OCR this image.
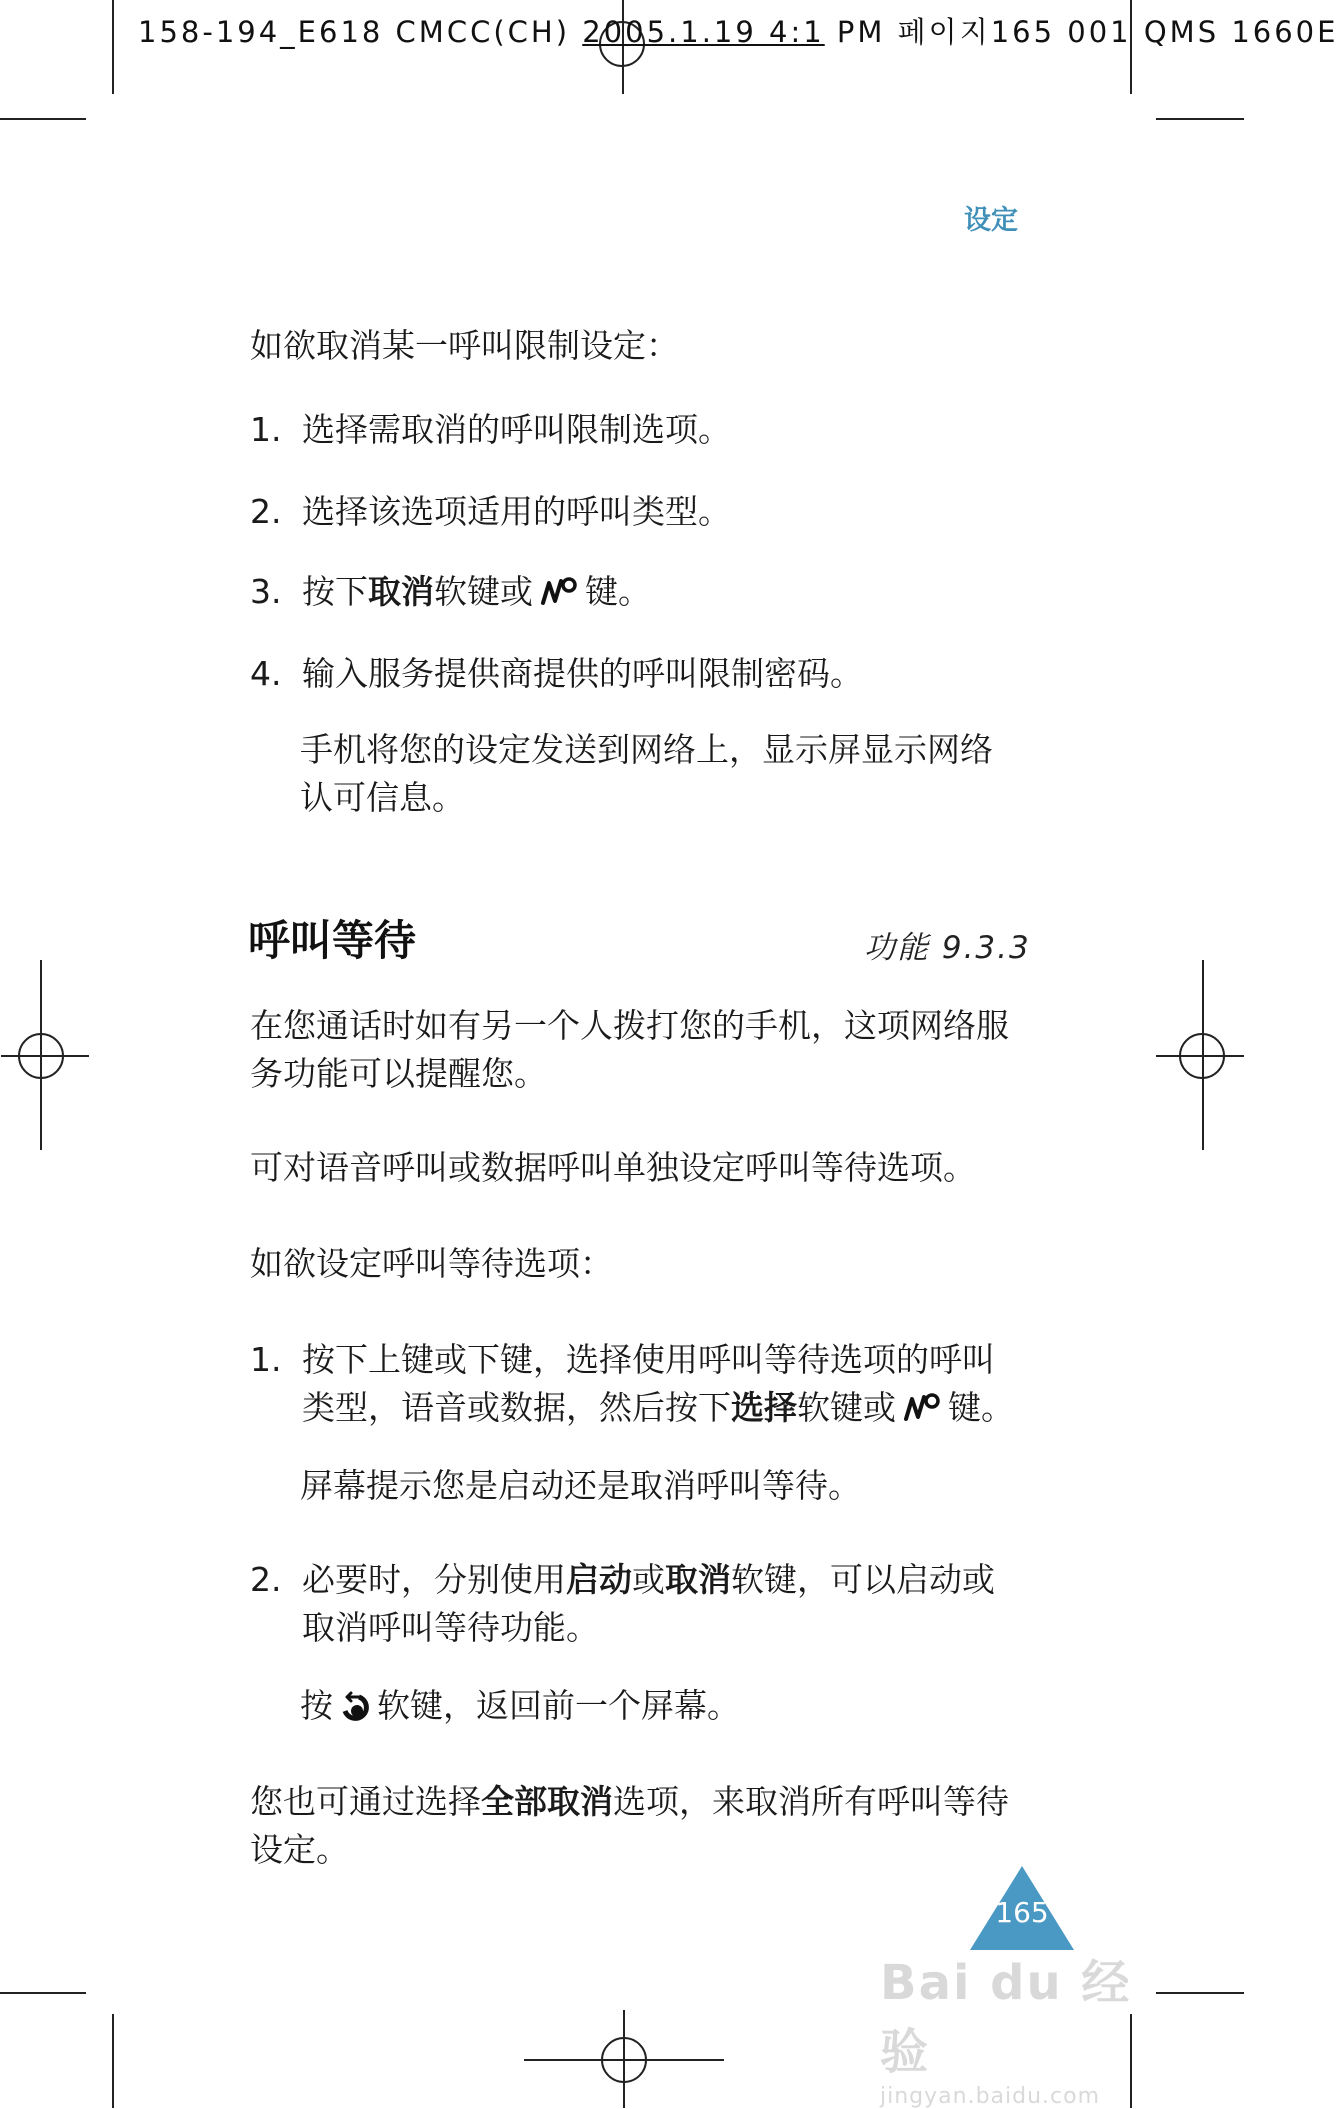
158-194_E618 CMCC(CH) 2005.1.19 4:1 PM 페이지165 001 QMS 1660E
设定
如欲取消某一呼叫限制设定：
1. 选择需取消的呼叫限制选项。
2. 选择该选项适用的呼叫类型。
3. 按下取消软键或 键。
4. 输入服务提供商提供的呼叫限制密码。
手机将您的设定发送到网络上，显示屏显示网络认可信息。
呼叫等待	功能 9.3.3
在您通话时如有另一个人拨打您的手机，这项网络服务功能可以提醒您。
可对语音呼叫或数据呼叫单独设定呼叫等待选项。
如欲设定呼叫等待选项：
1. 按下上键或下键，选择使用呼叫等待选项的呼叫类型，语音或数据，然后按下选择软键或 键。
屏幕提示您是启动还是取消呼叫等待。
2. 必要时，分别使用启动或取消软键，可以启动或取消呼叫等待功能。
按 软键，返回前一个屏幕。
您也可通过选择全部取消选项，来取消所有呼叫等待设定。
165
Bai du 经验
jingyan.baidu.com
